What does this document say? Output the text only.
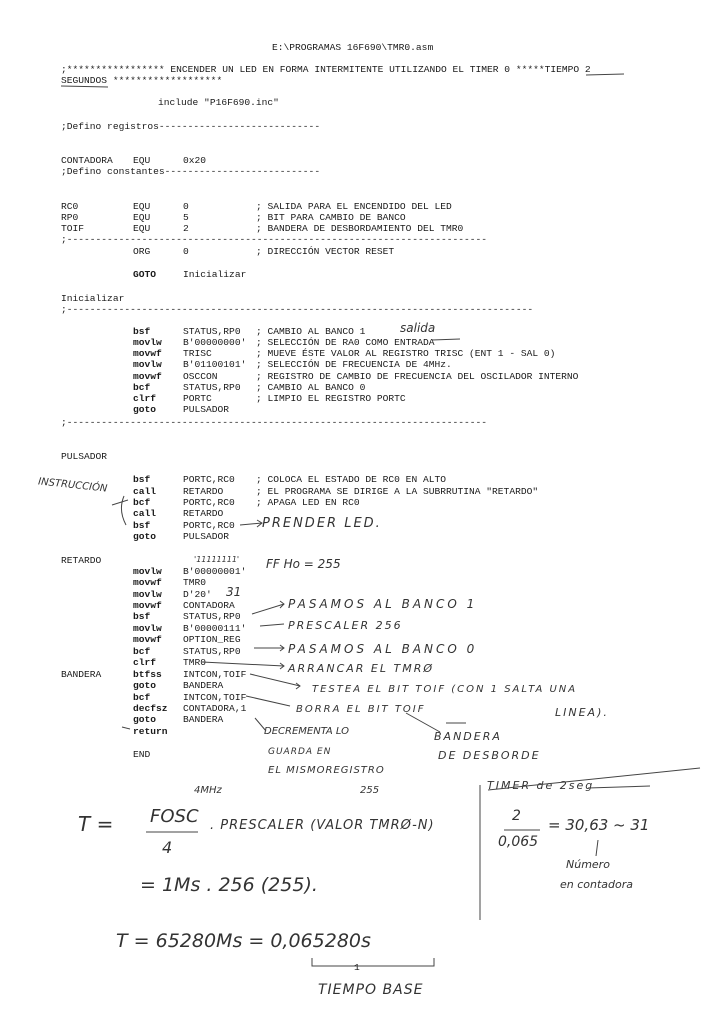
E:\PROGRAMAS 16F690\TMR0.asm
;***************** ENCENDER UN LED EN FORMA INTERMITENTE UTILIZANDO EL TIMER 0 *****TIEMPO 2
SEGUNDOS *******************
include "P16F690.inc"
;Defino registros----------------------------
CONTADORA EQU	0x20
;Defino constantes---------------------------
RC0	EQU	0	; SALIDA PARA EL ENCENDIDO DEL LED
RP0	EQU	5	; BIT PARA CAMBIO DE BANCO
TOIF	EQU	2	; BANDERA DE DESBORDAMIENTO DEL TMR0
;-------------------------------------------------------------------------
ORG	0	; DIRECCIÓN VECTOR RESET
GOTO	Inicializar
Inicializar
;---------------------------------------------------------------------------------
bsf	STATUS,RP0 ; CAMBIO AL BANCO 1
movlw B'00000000' ; SELECCIÓN DE RA0 COMO ENTRADA
movwf TRISC	; MUEVE ÉSTE VALOR AL REGISTRO TRISC (ENT 1 - SAL 0)
movlw B'01100101' ; SELECCIÓN DE FRECUENCIA DE 4MHz.
movwf OSCCON	; REGISTRO DE CAMBIO DE FRECUENCIA DEL OSCILADOR INTERNO
bcf	STATUS,RP0 ; CAMBIO AL BANCO 0
clrf	PORTC	; LIMPIO EL REGISTRO PORTC
goto	PULSADOR
;-------------------------------------------------------------------------
PULSADOR
bsf	PORTC,RC0 ; COLOCA EL ESTADO DE RC0 EN ALTO
call	RETARDO	; EL PROGRAMA SE DIRIGE A LA SUBRRUTINA "RETARDO"
bcf	PORTC,RC0 ; APAGA LED EN RC0
call	RETARDO
bsf	PORTC,RC0
goto	PULSADOR
RETARDO
movlw B'00000001'
movwf TMR0
movlw D'20'
movwf CONTADORA
bsf	STATUS,RP0
movlw B'00000111'
movwf OPTION_REG
bcf	STATUS,RP0
clrf	TMR0
BANDERA	btfss INTCON,TOIF
goto	BANDERA
bcf	INTCON,TOIF
decfsz CONTADORA,1
goto	BANDERA
return
END
salida
INSTRUCCIÓN
PRENDER LED.
'11111111' FF Ho = 255
31
PASAMOS AL BANCO 1
PRESCALER 256
PASAMOS AL BANCO 0
ARRANCAR EL TMRØ
TESTEA EL BIT TOIF (CON 1 SALTA UNA
LINEA).
BORRA EL BIT TOIF
BANDERA
DE DESBORDE
DECREMENTA LO
GUARDA EN
EL MISMOREGISTRO
4MHz	255	TIMER de 2seg
T = FOSC
4
. PRESCALER (VALOR TMRØ-N)
2
0,065
= 30,63 ~ 31
Número
en contadora
= 1Ms . 256 (255).
T = 65280Ms = 0,065280s
1
TIEMPO BASE
